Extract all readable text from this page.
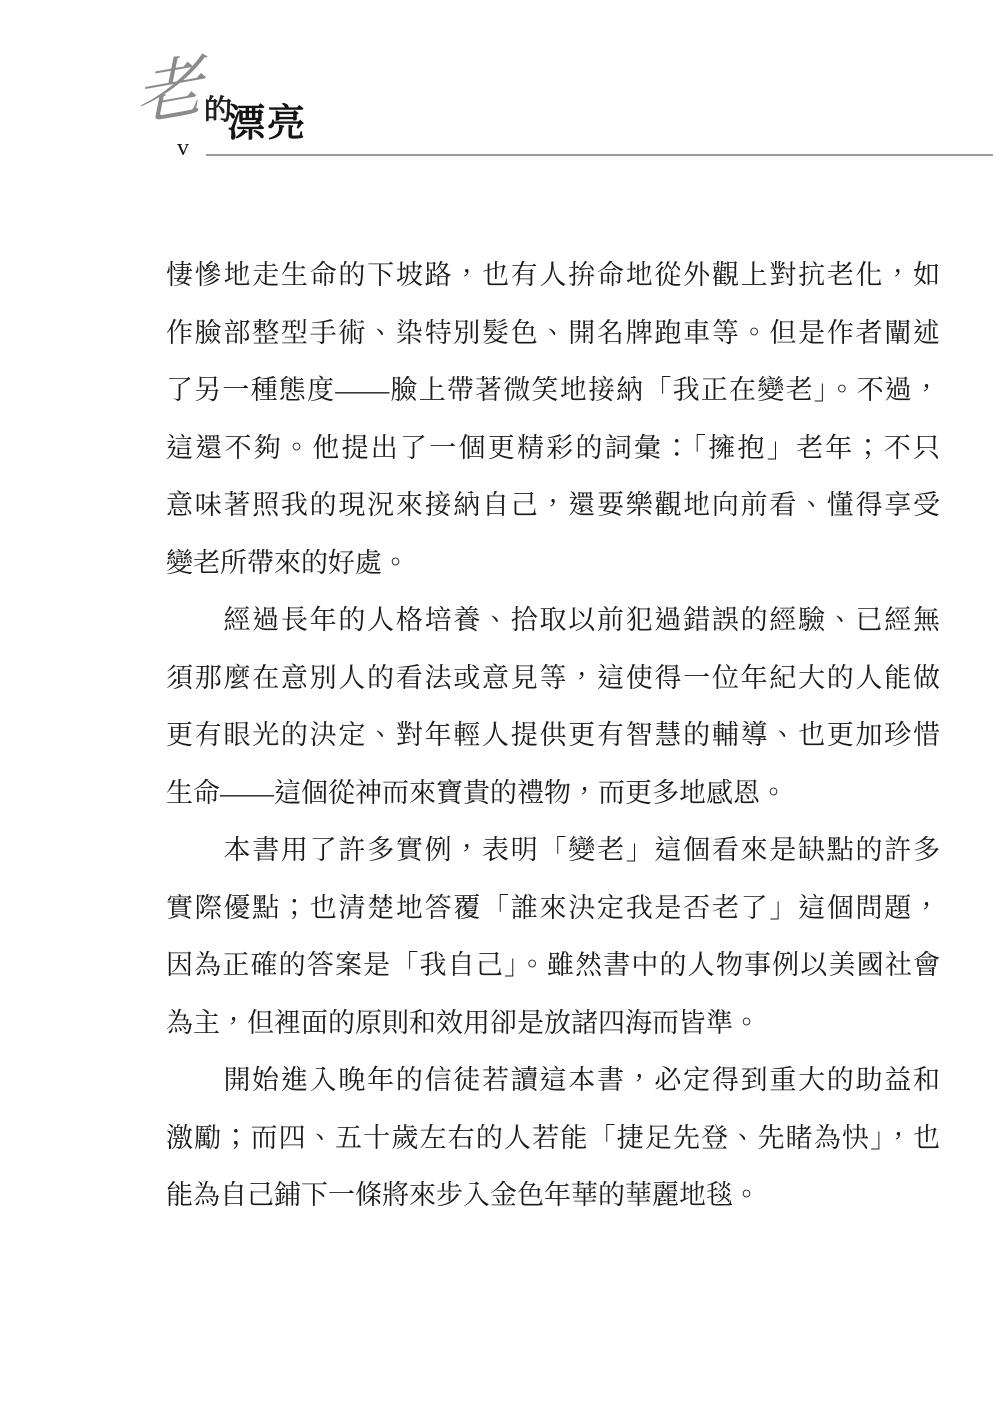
老 的
漂亮
v
悽慘地走生命的下坡路，也有人拚命地從外觀上對抗老化，如
作臉部整型手術、染特別髮色、開名牌跑車等。但是作者闡述
了另一種態度——臉上帶著微笑地接納「我正在變老」。不過，
這還不夠。他提出了一個更精彩的詞彙：「擁抱」老年；不只
意味著照我的現況來接納自己，還要樂觀地向前看、懂得享受
變老所帶來的好處。
　　經過長年的人格培養、拾取以前犯過錯誤的經驗、已經無
須那麼在意別人的看法或意見等，這使得一位年紀大的人能做
更有眼光的決定、對年輕人提供更有智慧的輔導、也更加珍惜
生命——這個從神而來寶貴的禮物，而更多地感恩。
　　本書用了許多實例，表明「變老」這個看來是缺點的許多
實際優點；也清楚地答覆「誰來決定我是否老了」這個問題，
因為正確的答案是「我自己」。雖然書中的人物事例以美國社會
為主，但裡面的原則和效用卻是放諸四海而皆準。
　　開始進入晚年的信徒若讀這本書，必定得到重大的助益和
激勵；而四、五十歲左右的人若能「捷足先登、先睹為快」，也
能為自己鋪下一條將來步入金色年華的華麗地毯。
